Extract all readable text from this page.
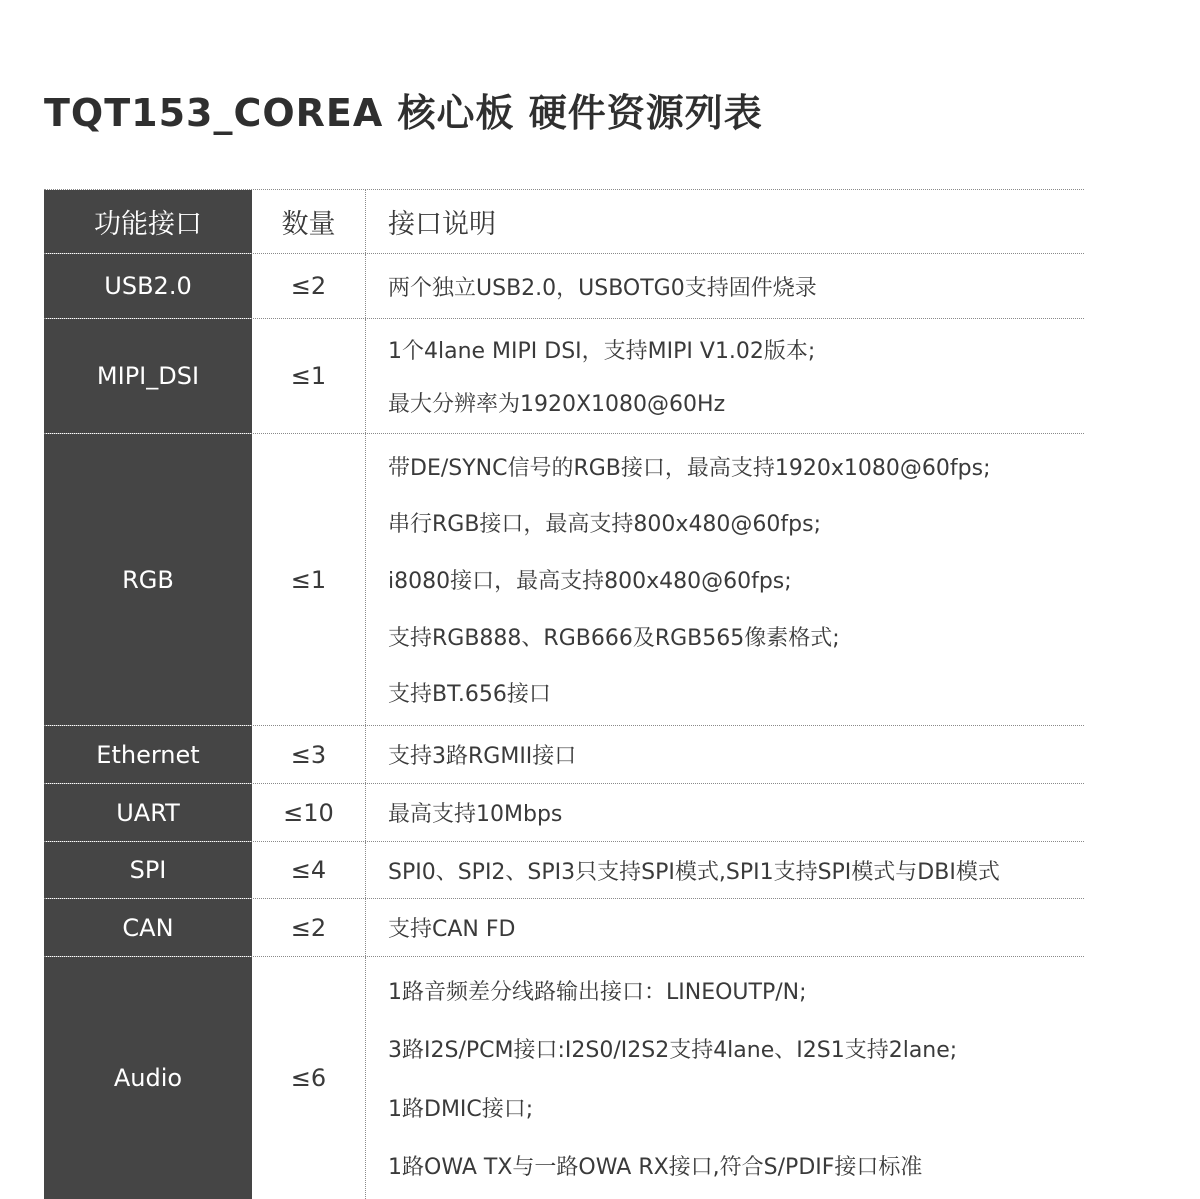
TQT153_COREA 核心板 硬件资源列表
功能接口	数量	接口说明
USB2.0	≤2	两个独立USB2.0，USBOTG0支持固件烧录
MIPI_DSI	≤1
1个4lane MIPI DSI，支持MIPI V1.02版本;
最大分辨率为1920X1080@60Hz
RGB	≤1
带DE/SYNC信号的RGB接口，最高支持1920x1080@60fps;
串行RGB接口，最高支持800x480@60fps;
i8080接口，最高支持800x480@60fps;
支持RGB888、RGB666及RGB565像素格式;
支持BT.656接口
Ethernet	≤3	支持3路RGMII接口
UART	≤10	最高支持10Mbps
SPI	≤4	SPI0、SPI2、SPI3只支持SPI模式,SPI1支持SPI模式与DBI模式
CAN	≤2	支持CAN FD
Audio	≤6
1路音频差分线路输出接口：LINEOUTP/N;
3路I2S/PCM接口:I2S0/I2S2支持4lane、I2S1支持2lane;
1路DMIC接口;
1路OWA TX与一路OWA RX接口,符合S/PDIF接口标准
